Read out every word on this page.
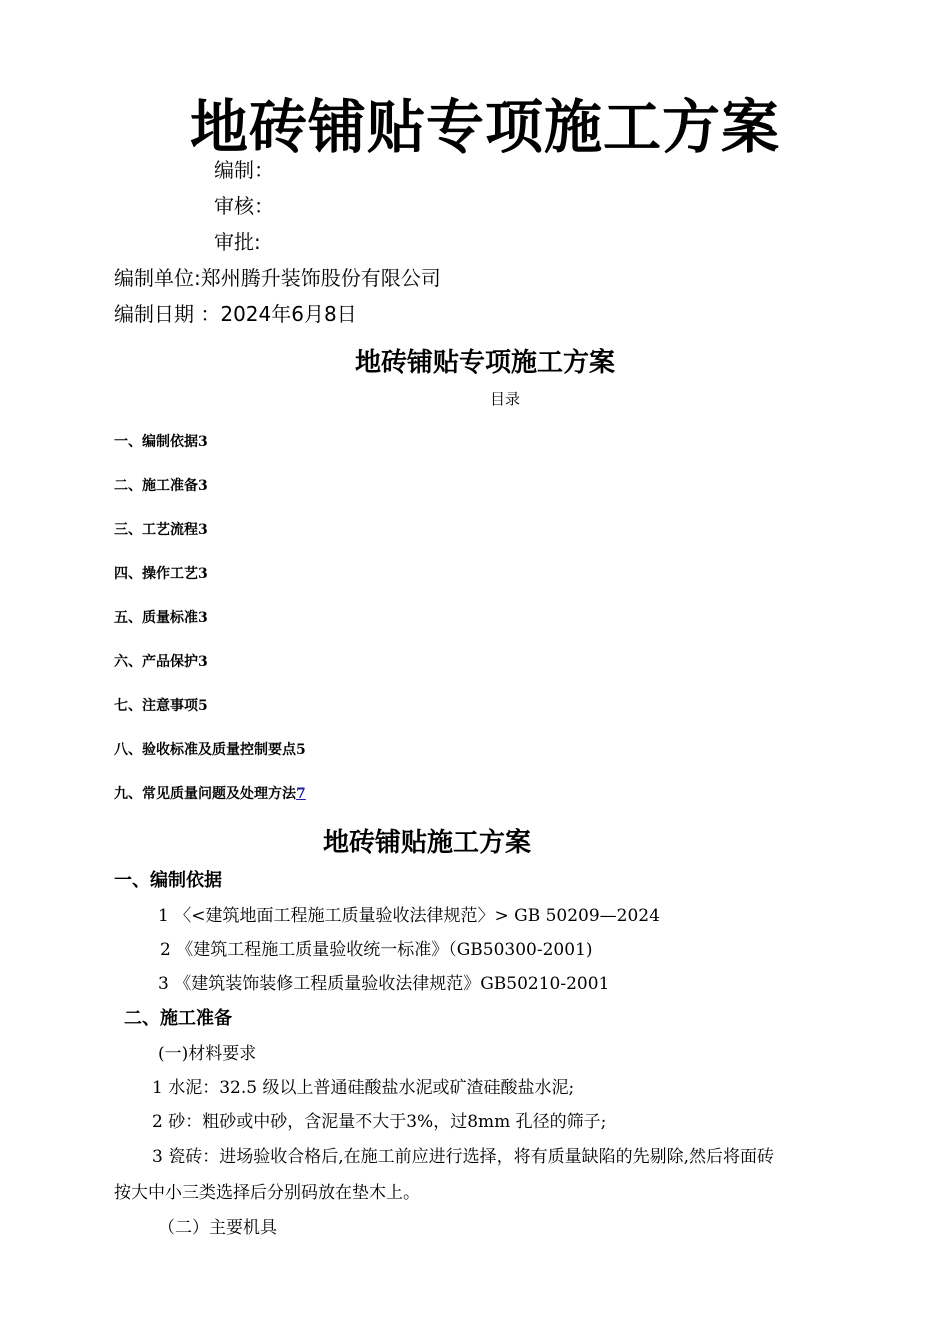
地砖铺贴专项施工方案
编制：
审核：
审批:
编制单位:郑州腾升装饰股份有限公司
编制日期 ：2024年6月8日
地砖铺贴专项施工方案
目录
一、编制依据3
二、施工准备3
三、工艺流程3
四、操作工艺3
五、质量标准3
六、产品保护3
七、注意事项5
八、验收标准及质量控制要点5
九、常见质量问题及处理方法7
地砖铺贴施工方案
一、编制依据
1 〈<建筑地面工程施工质量验收法律规范〉> GB 50209—2024
2 《建筑工程施工质量验收统一标准》（GB50300-2001)
3 《建筑装饰装修工程质量验收法律规范》GB50210-2001
二、施工准备
(一)材料要求
1 水泥：32.5 级以上普通硅酸盐水泥或矿渣硅酸盐水泥;
2 砂：粗砂或中砂，含泥量不大于3%，过8mm 孔径的筛子;
3 瓷砖：进场验收合格后,在施工前应进行选择，将有质量缺陷的先剔除,然后将面砖
按大中小三类选择后分别码放在垫木上。
（二）主要机具
